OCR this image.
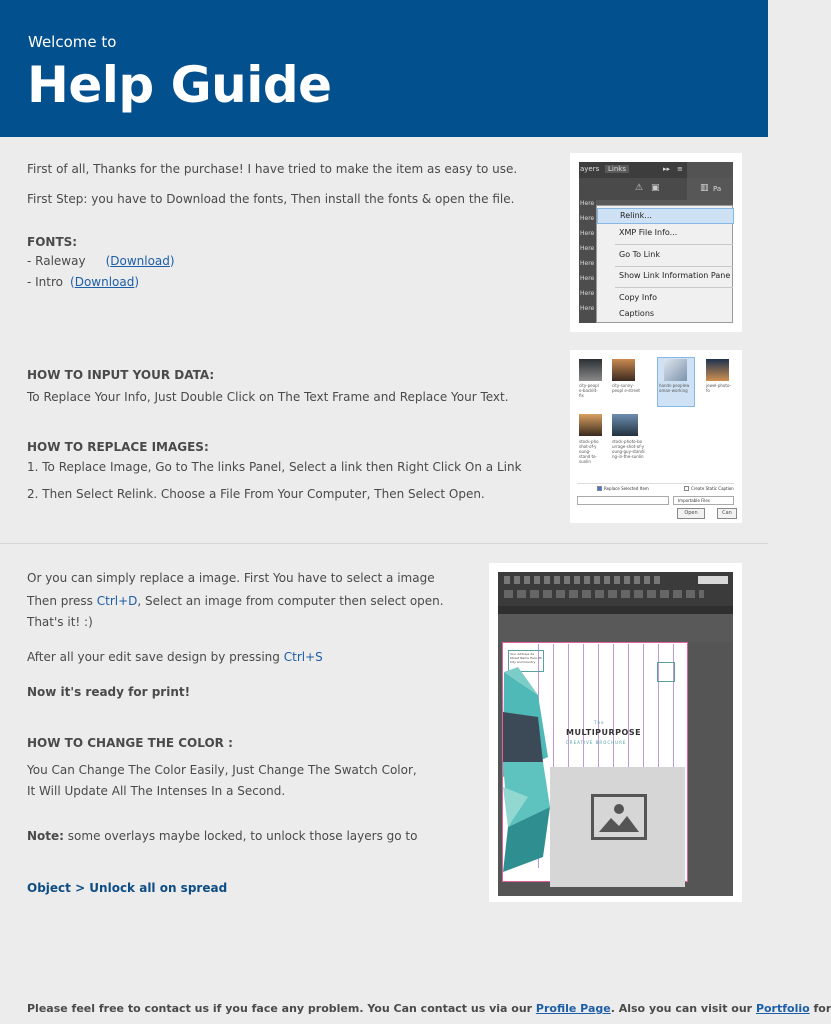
Welcome to
Help Guide
First of all, Thanks for the purchase! I have tried to make the item as easy to use.
First Step: you have to Download the fonts, Then install the fonts & open the file.
FONTS:
- Raleway (Download)
- Intro (Download)
HOW TO INPUT YOUR DATA:
To Replace Your Info, Just Double Click on The Text Frame and Replace Your Text.
HOW TO REPLACE IMAGES:
1. To Replace Image, Go to The links Panel, Select a link then Right Click On a Link
2. Then Select Relink. Choose a File From Your Computer, Then Select Open.
ayers	Links	▸▸ ≡
⚠ ▣	▥ Pa
Here
Here
Here
Here
Here
Here
Here
Here
Relink...
XMP File Info...
Go To Link
Show Link Information Pane
Copy Info
Captions
city-peopl e-backlit-fix
city-sunny-peopl e-street
hands-peoplew oman-working
jewel-photo-fo
stock-pho shot-of-y oung-stand to-sunlin
stock-photo-bo urrage-shot-of-y oung-guy-standi ng-in-the-sunlin
Replace Selected Item	Create Static Caption
Importable Files
Open	Can
Or you can simply replace a image. First You have to select a image
Then press Ctrl+D, Select an image from computer then select open.
That's it! :)
After all your edit save design by pressing Ctrl+S
Now it's ready for print!
HOW TO CHANGE THE COLOR :
You Can Change The Color Easily, Just Change The Swatch Color,
It Will Update All The Intenses In a Second.
Note: some overlays maybe locked, to unlock those layers go to
Object > Unlock all on spread
Your Address 2a
Street Name Here 45
City and Country
The
MULTIPURPOSE
CREATIVE BROCHURE
Please feel free to contact us if you face any problem. You Can contact us via our Profile Page. Also you can visit our Portfolio for
